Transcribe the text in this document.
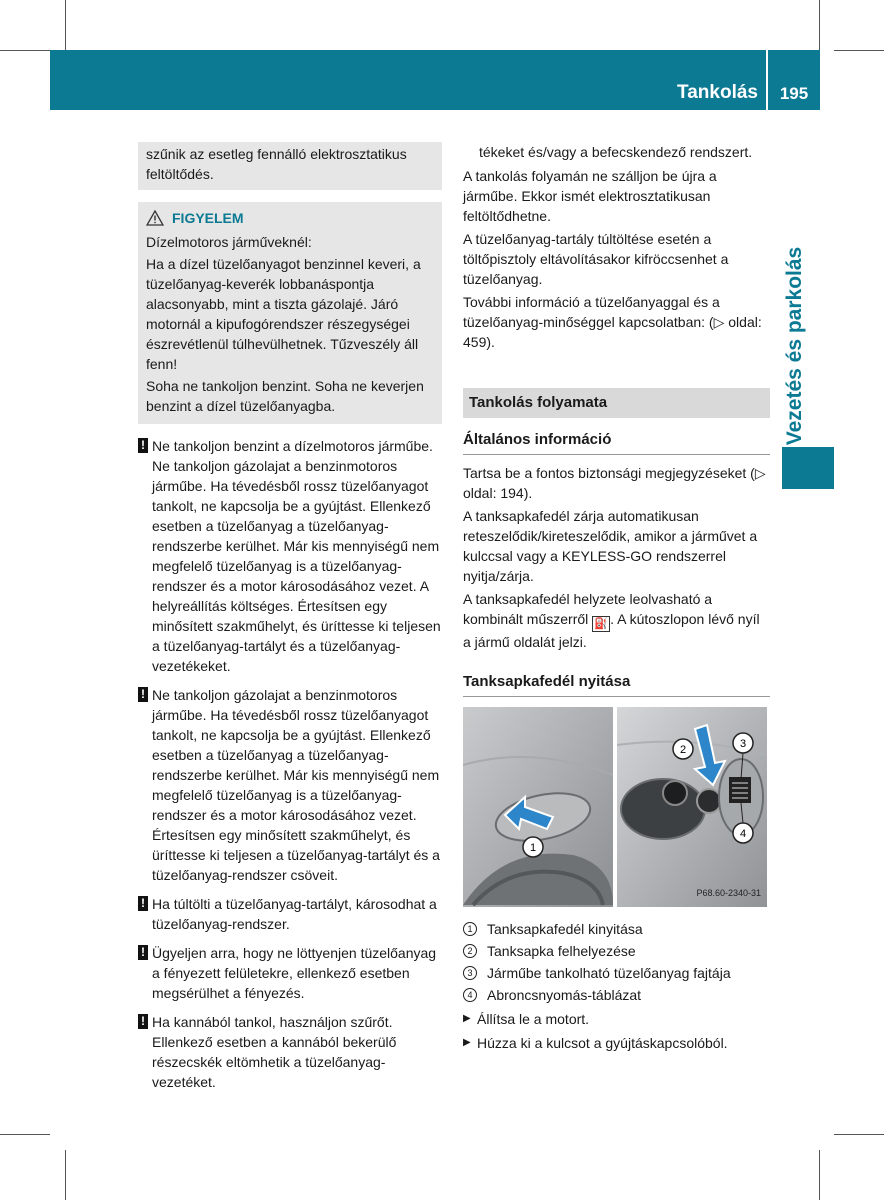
Tankolás	195
Vezetés és parkolás

szűnik az esetleg fennálló elektrosztatikus feltöltődés.

FIGYELEM

Dízelmotoros járműveknél:

Ha a dízel tüzelőanyagot benzinnel keveri, a tüzelőanyag-keverék lobbanáspontja alacsonyabb, mint a tiszta gázolajé. Járó motornál a kipufogórendszer részegységei észrevétlenül túlhevülhetnek. Tűzveszély áll fenn!

Soha ne tankoljon benzint. Soha ne keverjen benzint a dízel tüzelőanyagba.

! Ne tankoljon benzint a dízelmotoros járműbe. Ne tankoljon gázolajat a benzinmotoros járműbe. Ha tévedésből rossz tüzelőanyagot tankolt, ne kapcsolja be a gyújtást. Ellenkező esetben a tüzelőanyag a tüzelőanyag-rendszerbe kerülhet. Már kis mennyiségű nem megfelelő tüzelőanyag is a tüzelőanyag-rendszer és a motor károsodásához vezet. A helyreállítás költséges. Értesítsen egy minősített szakműhelyt, és üríttesse ki teljesen a tüzelőanyag-tartályt és a tüzelőanyag-vezetékeket.
! Ne tankoljon gázolajat a benzinmotoros járműbe. Ha tévedésből rossz tüzelőanyagot tankolt, ne kapcsolja be a gyújtást. Ellenkező esetben a tüzelőanyag a tüzelőanyag-rendszerbe kerülhet. Már kis mennyiségű nem megfelelő tüzelőanyag is a tüzelőanyag-rendszer és a motor károsodásához vezet. Értesítsen egy minősített szakműhelyt, és üríttesse ki teljesen a tüzelőanyag-tartályt és a tüzelőanyag-rendszer csöveit.
! Ha túltölti a tüzelőanyag-tartályt, károsodhat a tüzelőanyag-rendszer.
! Ügyeljen arra, hogy ne löttyenjen tüzelőanyag a fényezett felületekre, ellenkező esetben megsérülhet a fényezés.
! Ha kannából tankol, használjon szűrőt. Ellenkező esetben a kannából bekerülő részecskék eltömhetik a tüzelőanyag-vezetéket.

tékeket és/vagy a befecskendező rendszert.

A tankolás folyamán ne szálljon be újra a járműbe. Ekkor ismét elektrosztatikusan feltöltődhetne.

A tüzelőanyag-tartály túltöltése esetén a töltőpisztoly eltávolításakor kifröccsenhet a tüzelőanyag.

További információ a tüzelőanyaggal és a tüzelőanyag-minőséggel kapcsolatban: (▷ oldal: 459).

Tankolás folyamata
Általános információ

Tartsa be a fontos biztonsági megjegyzéseket (▷ oldal: 194).

A tanksapkafedél zárja automatikusan reteszelődik/kireteszelődik, amikor a járművet a kulccsal vagy a KEYLESS-GO rendszerrel nyitja/zárja.

A tanksapkafedél helyzete leolvasható a kombinált műszerről ⛽ . A kútoszlopon lévő nyíl a jármű oldalát jelzi.

Tanksapkafedél nyitása
1
2	3
4
P68.60-2340-31
1	Tanksapkafedél kinyitása
2	Tanksapka felhelyezése
3	Járműbe tankolható tüzelőanyag fajtája
4	Abroncsnyomás-táblázat
▶ Állítsa le a motort.
▶ Húzza ki a kulcsot a gyújtáskapcsolóból.
